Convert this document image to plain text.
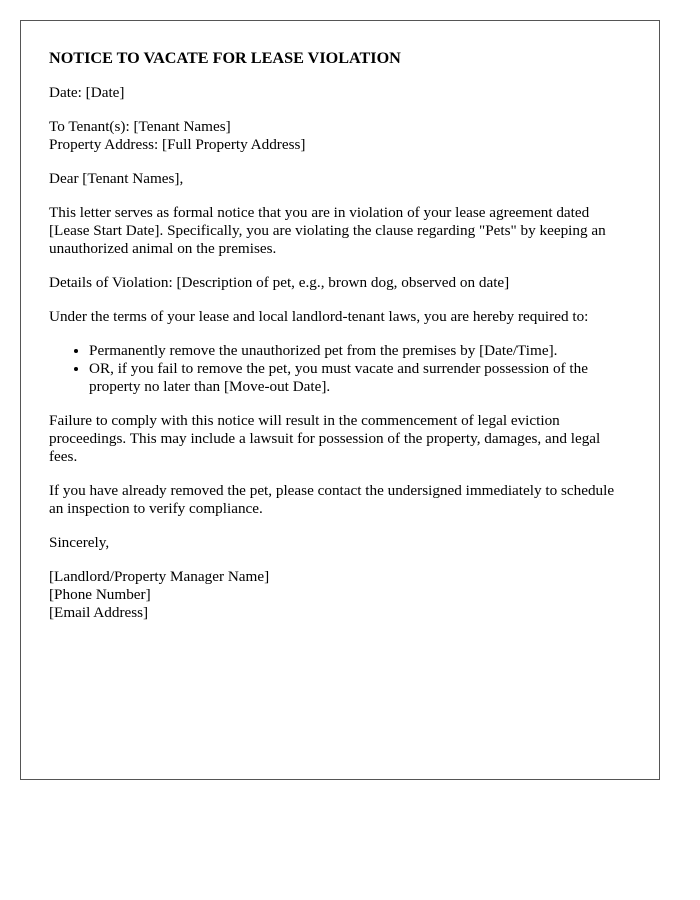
NOTICE TO VACATE FOR LEASE VIOLATION

Date: [Date]

To Tenant(s): [Tenant Names]
Property Address: [Full Property Address]

Dear [Tenant Names],

This letter serves as formal notice that you are in violation of your lease agreement dated [Lease Start Date]. Specifically, you are violating the clause regarding "Pets" by keeping an unauthorized animal on the premises.

Details of Violation: [Description of pet, e.g., brown dog, observed on date]

Under the terms of your lease and local landlord-tenant laws, you are hereby required to:

• Permanently remove the unauthorized pet from the premises by [Date/Time].
• OR, if you fail to remove the pet, you must vacate and surrender possession of the property no later than [Move-out Date].

Failure to comply with this notice will result in the commencement of legal eviction proceedings. This may include a lawsuit for possession of the property, damages, and legal fees.

If you have already removed the pet, please contact the undersigned immediately to schedule an inspection to verify compliance.

Sincerely,

[Landlord/Property Manager Name]
[Phone Number]
[Email Address]
